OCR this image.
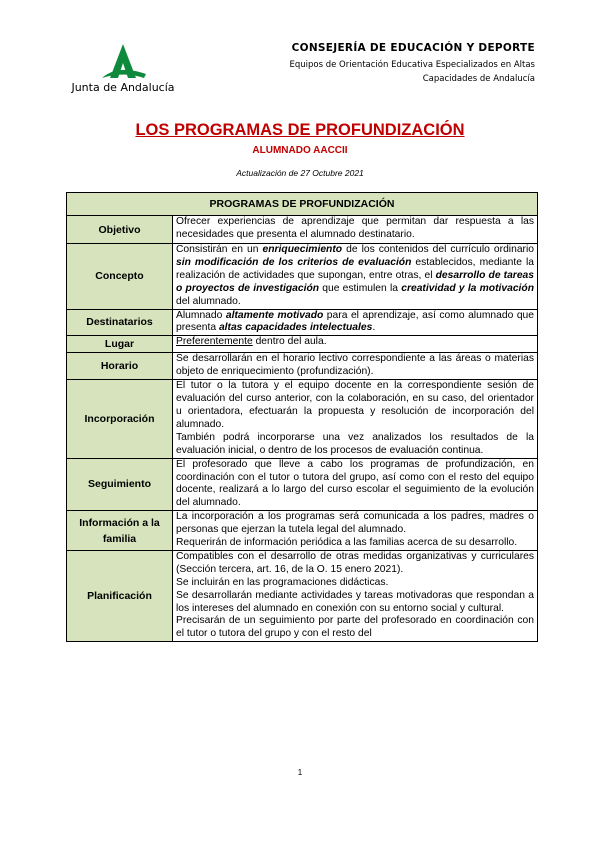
Junta de Andalucía
CONSEJERÍA DE EDUCACIÓN Y DEPORTE
Equipos de Orientación Educativa Especializados en Altas
Capacidades de Andalucía
LOS PROGRAMAS DE PROFUNDIZACIÓN
ALUMNADO AACCII
Actualización de 27 Octubre 2021
PROGRAMAS DE PROFUNDIZACIÓN	
Objetivo	Ofrecer experiencias de aprendizaje que permitan dar respuesta a las necesidades que presenta el alumnado destinatario.
Concepto	Consistirán en un enriquecimiento de los contenidos del currículo ordinario sin modificación de los criterios de evaluación establecidos, mediante la realización de actividades que supongan, entre otras, el desarrollo de tareas o proyectos de investigación que estimulen la creatividad y la motivación del alumnado.
Destinatarios	Alumnado altamente motivado para el aprendizaje, así como alumnado que presenta altas capacidades intelectuales.
Lugar	Preferentemente dentro del aula.
Horario	Se desarrollarán en el horario lectivo correspondiente a las áreas o materias objeto de enriquecimiento (profundización).
Incorporación	El tutor o la tutora y el equipo docente en la correspondiente sesión de evaluación del curso anterior, con la colaboración, en su caso, del orientador u orientadora, efectuarán la propuesta y resolución de incorporación del alumnado.

También podrá incorporarse una vez analizados los resultados de la evaluación inicial, o dentro de los procesos de evaluación continua.

Seguimiento	El profesorado que lleve a cabo los programas de profundización, en coordinación con el tutor o tutora del grupo, así como con el resto del equipo docente, realizará a lo largo del curso escolar el seguimiento de la evolución del alumnado.
Información a la familia	La incorporación a los programas será comunicada a los padres, madres o personas que ejerzan la tutela legal del alumnado.

Requerirán de información periódica a las familias acerca de su desarrollo.

Planificación	Compatibles con el desarrollo de otras medidas organizativas y curriculares (Sección tercera, art. 16, de la O. 15 enero 2021).

Se incluirán en las programaciones didácticas.

Se desarrollarán mediante actividades y tareas motivadoras que respondan a los intereses del alumnado en conexión con su entorno social y cultural.

Precisarán de un seguimiento por parte del profesorado en coordinación con el tutor o tutora del grupo y con el resto del

1
